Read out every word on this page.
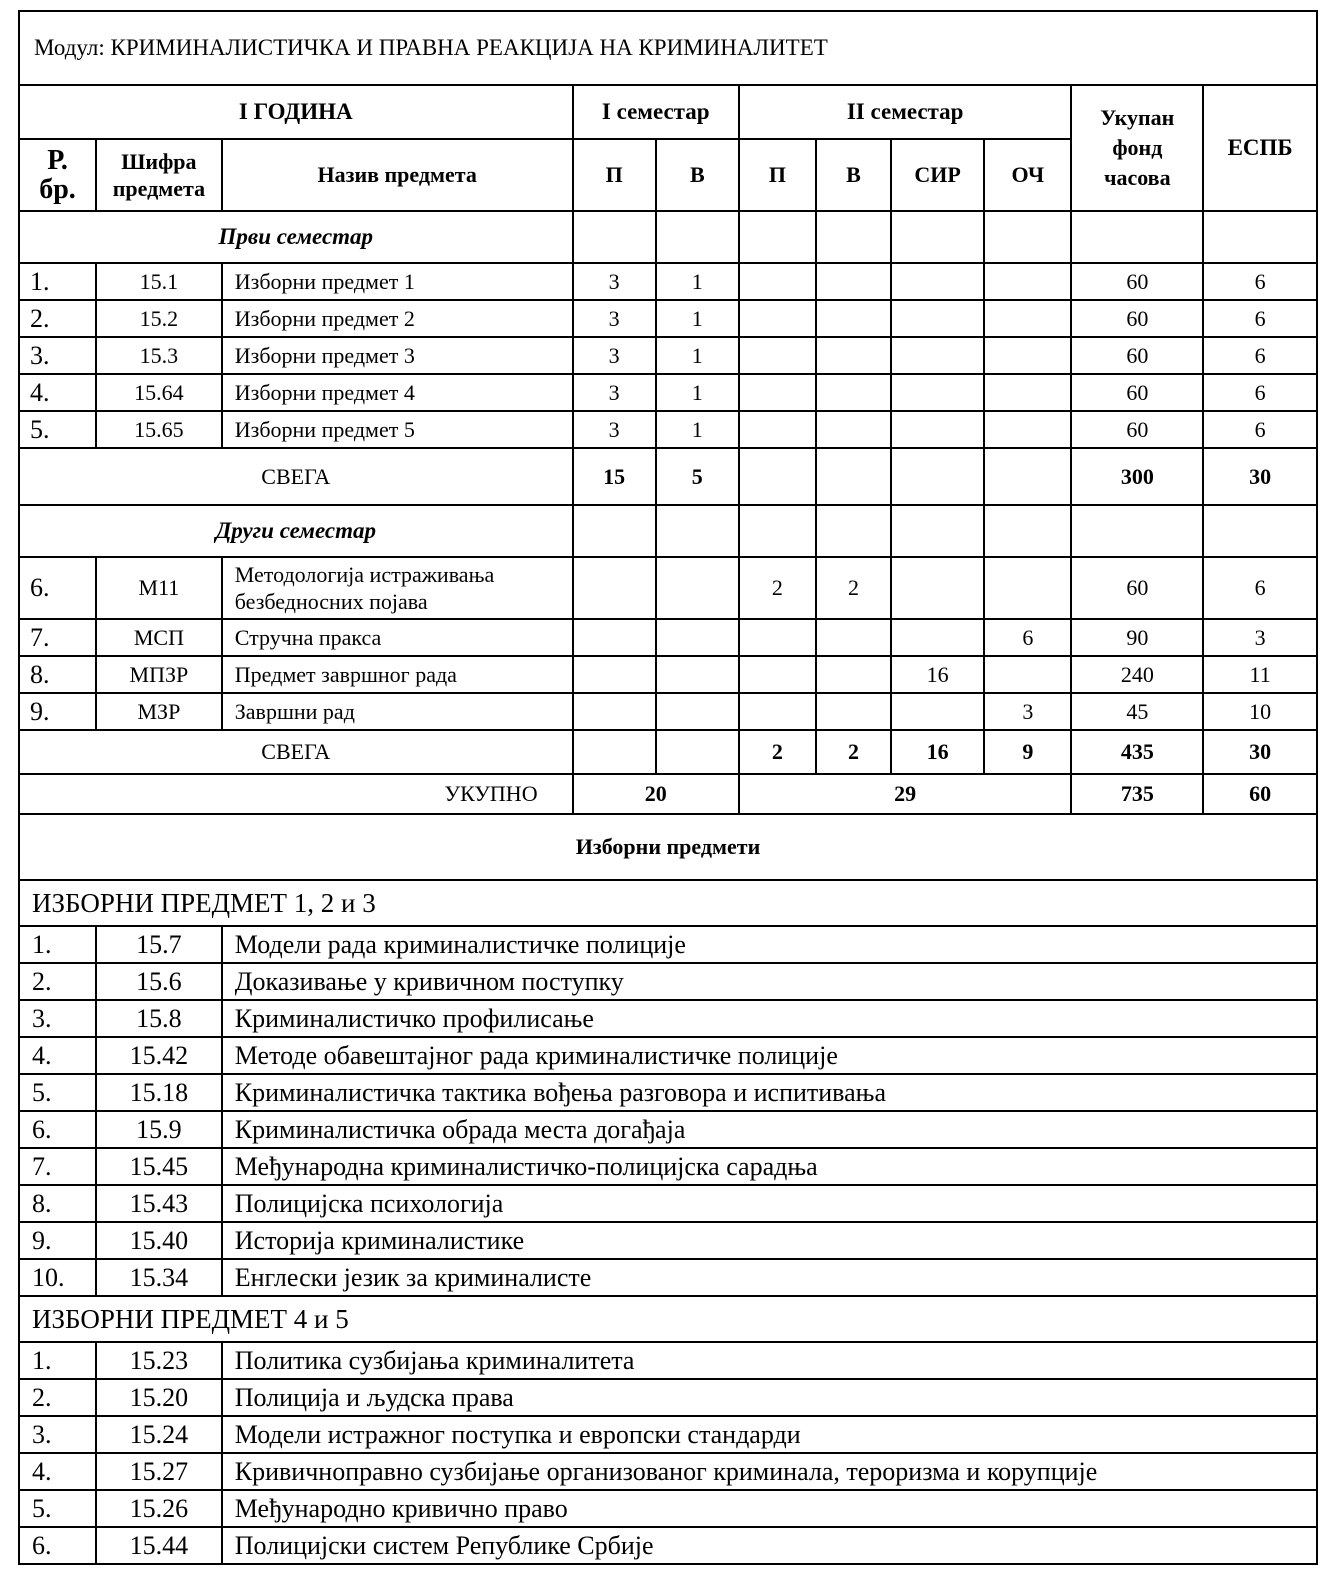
Модул: КРИМИНАЛИСТИЧКА И ПРАВНА РЕАКЦИЈА НА КРИМИНАЛИТЕТ										
I ГОДИНА			I семестар		II семестар				Укупан фонд часова	ЕСПБ
Р. бр.	Шифра предмета	Назив предмета	П	В	П	В	СИР	ОЧ		
Први семестар										
1.	15.1	Изборни предмет 1	3	1					60	6
2.	15.2	Изборни предмет 2	3	1					60	6
3.	15.3	Изборни предмет 3	3	1					60	6
4.	15.64	Изборни предмет 4	3	1					60	6
5.	15.65	Изборни предмет 5	3	1					60	6
СВЕГА			15	5					300	30
Други семестар										
6.	М11	Методологија истраживања безбедносних појава			2	2			60	6
7.	МСП	Стручна пракса						6	90	3
8.	МПЗР	Предмет завршног рада					16		240	11
9.	МЗР	Завршни рад						3	45	10
СВЕГА					2	2	16	9	435	30
УКУПНО			20		29				735	60
Изборни предмети										
ИЗБОРНИ ПРЕДМЕТ 1, 2 и 3										
1.	15.7	Модели рада криминалистичке полиције								
2.	15.6	Доказивање у кривичном поступку								
3.	15.8	Криминалистичко профилисање								
4.	15.42	Методе обавештајног рада криминалистичке полиције								
5.	15.18	Криминалистичка тактика вођења разговора и испитивања								
6.	15.9	Криминалистичка обрада места догађаја								
7.	15.45	Међународна криминалистичко-полицијска сарадња								
8.	15.43	Полицијска психологија								
9.	15.40	Историја криминалистике								
10.	15.34	Енглески језик за криминалисте								
ИЗБОРНИ ПРЕДМЕТ 4 и 5										
1.	15.23	Политика сузбијања криминалитета								
2.	15.20	Полиција и људска права								
3.	15.24	Модели истражног поступка и европски стандарди								
4.	15.27	Кривичноправно сузбијање организованог криминала, тероризма и корупције								
5.	15.26	Међународно кривично право								
6.	15.44	Полицијски систем Републике Србије								
